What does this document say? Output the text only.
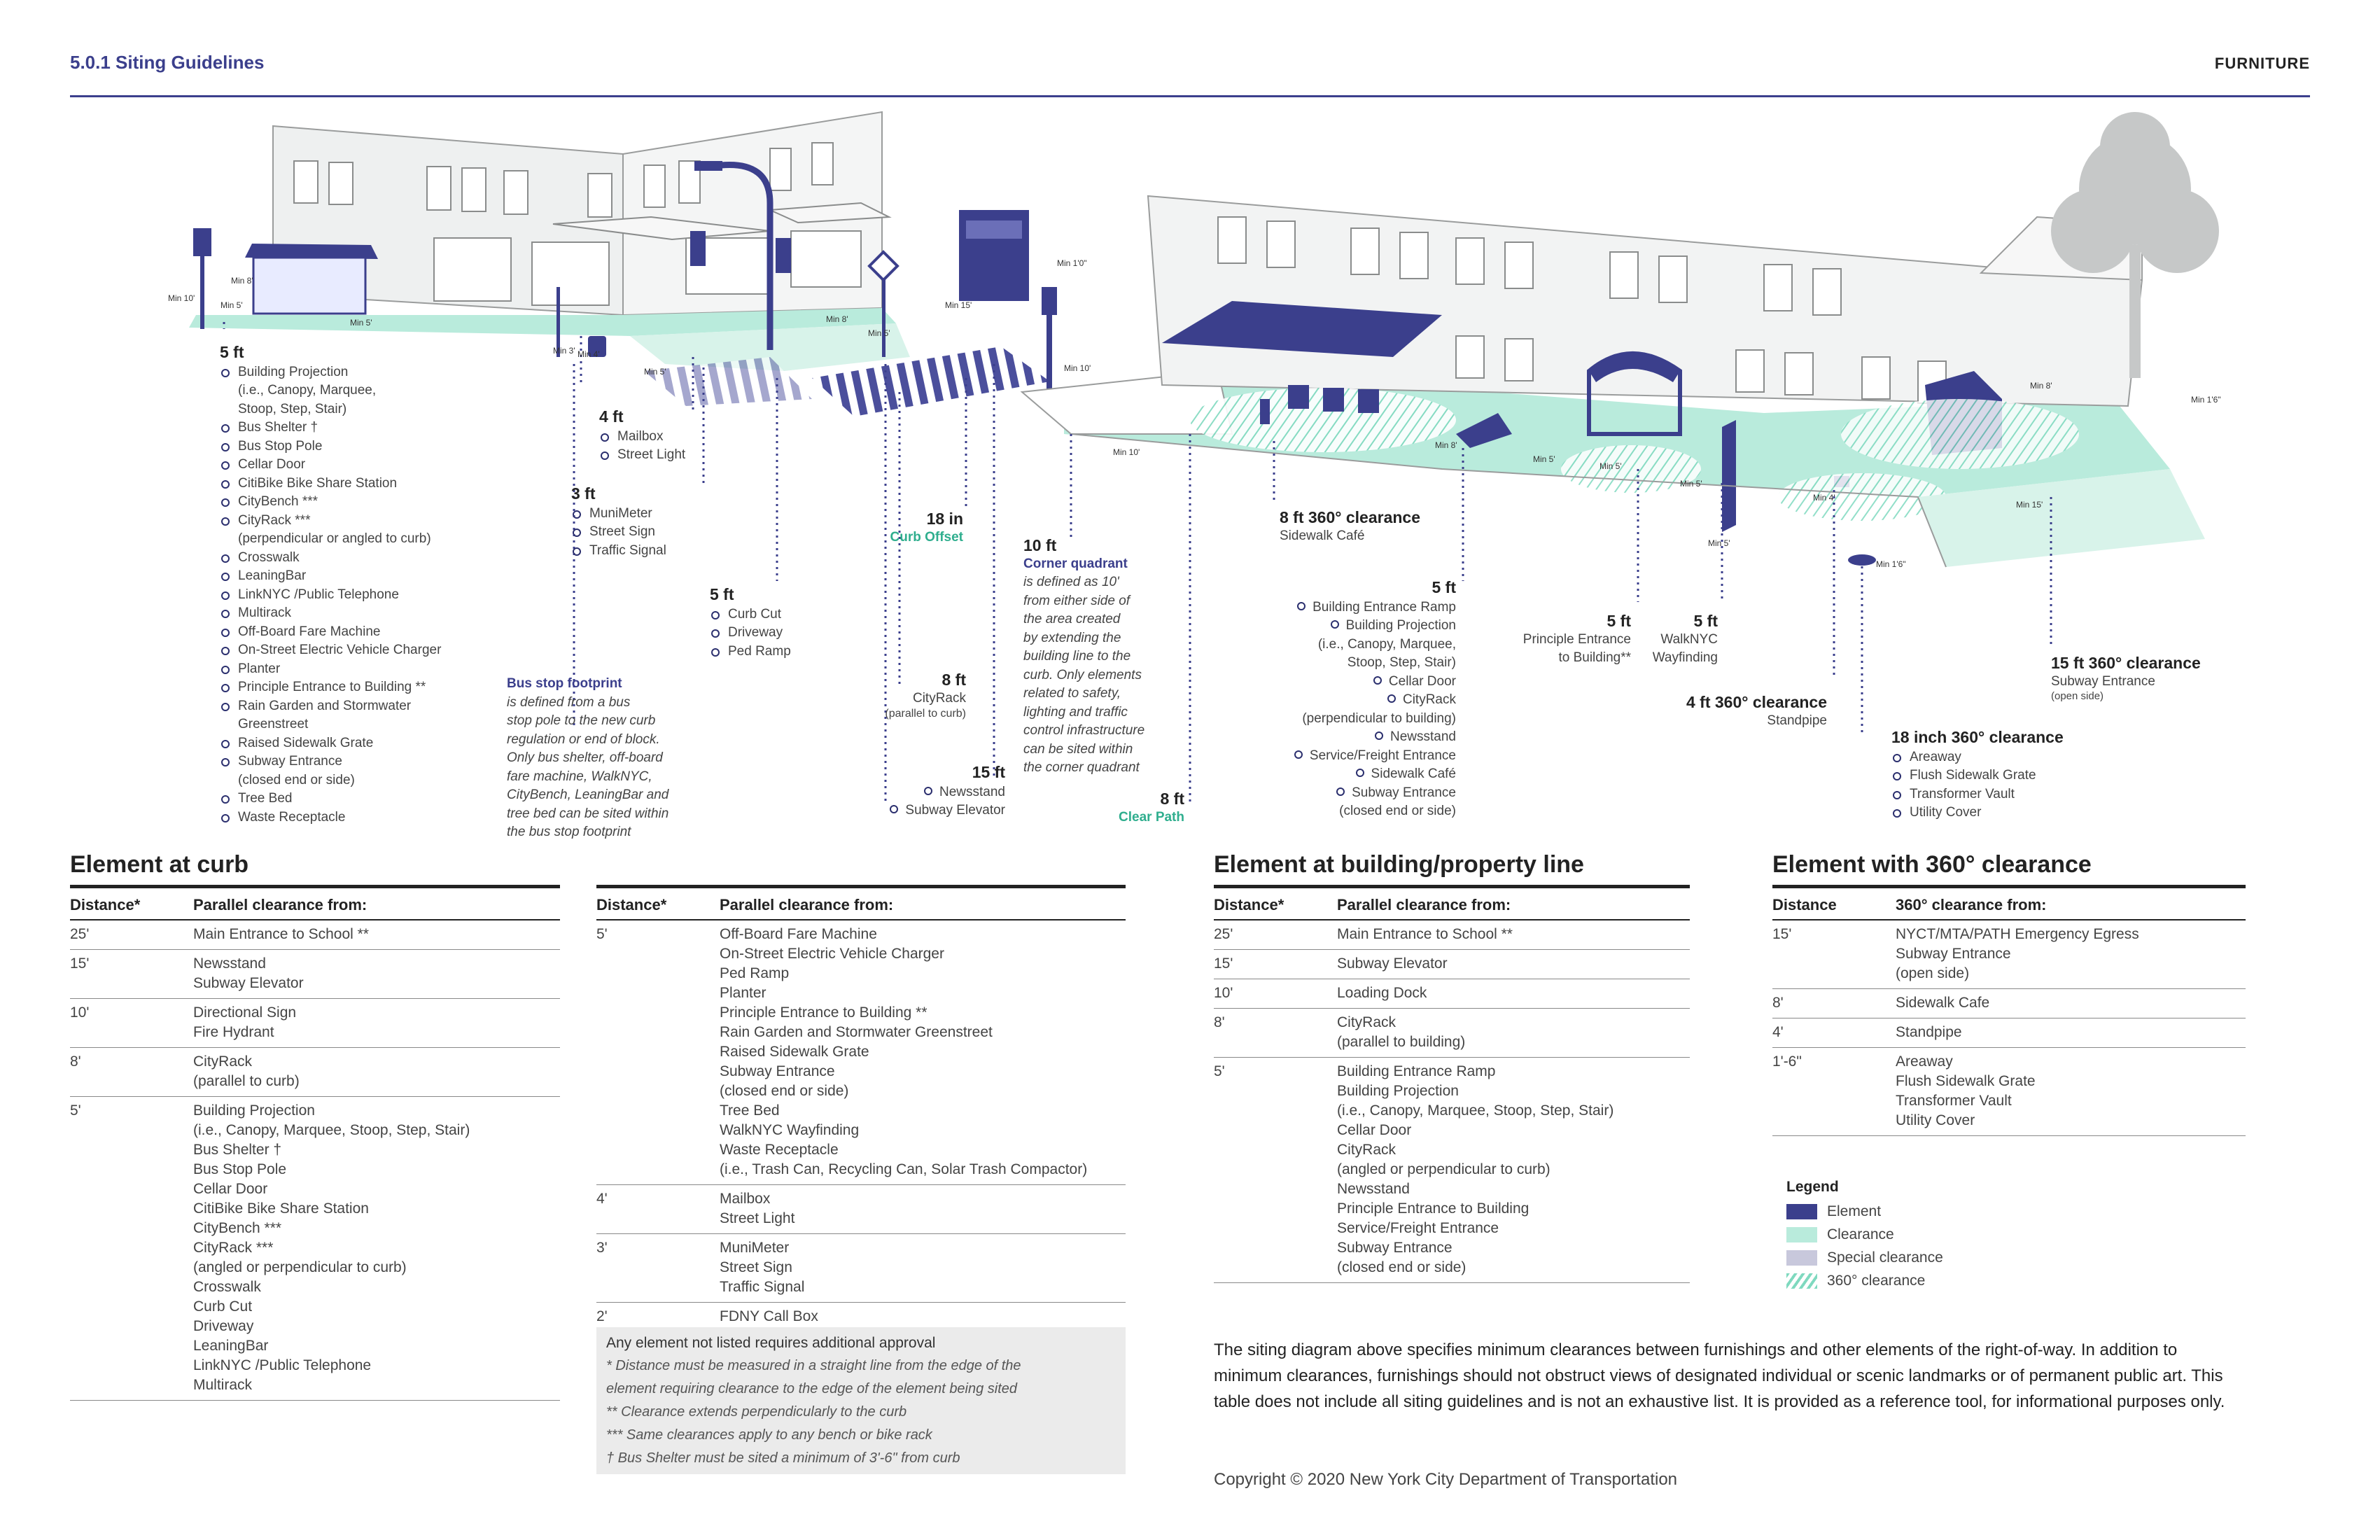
5.0.1 Siting Guidelines	FURNITURE
Min 10'
Min 8'
Min 5'
Min 5'
Min 3' Min 4'
Min 5'
Min 8'
Min 5'
Min 15'
Min 1'0"
Min 10'
Min 10'
Min 8'
Min 5'
Min 5'
Min 5'
Min 5'
Min 4'
Min 1'6"
Min 8'
Min 1'6"
Min 15'
5 ft
Building Projection
(i.e., Canopy, Marquee,
Stoop, Step, Stair)
Bus Shelter †
Bus Stop Pole
Cellar Door
CitiBike Bike Share Station
CityBench ***
CityRack ***
(perpendicular or angled to curb)
Crosswalk
LeaningBar
LinkNYC /Public Telephone
Multirack
Off-Board Fare Machine
On-Street Electric Vehicle Charger
Planter
Principle Entrance to Building **
Rain Garden and Stormwater
Greenstreet
Raised Sidewalk Grate
Subway Entrance
(closed end or side)
Tree Bed
Waste Receptacle
4 ft
Mailbox
Street Light
3 ft
MuniMeter
Street Sign
Traffic Signal
Bus stop footprint
is defined from a bus
stop pole to the new curb
regulation or end of block.
Only bus shelter, off-board
fare machine, WalkNYC,
CityBench, LeaningBar and
tree bed can be sited within
the bus stop footprint
5 ft
Curb Cut
Driveway
Ped Ramp
18 in
Curb Offset
8 ft
CityRack
(parallel to curb)
15 ft
Newsstand
Subway Elevator
10 ft
Corner quadrant
is defined as 10'
from either side of
the area created
by extending the
building line to the
curb. Only elements
related to safety,
lighting and traffic
control infrastructure
can be sited within
the corner quadrant
8 ft
Clear Path
8 ft 360° clearance
Sidewalk Café
5 ft
Building Entrance Ramp
Building Projection
(i.e., Canopy, Marquee,
Stoop, Step, Stair)
Cellar Door
CityRack
(perpendicular to building)
Newsstand
Service/Freight Entrance
Sidewalk Café
Subway Entrance
(closed end or side)
5 ft
Principle Entrance
to Building**
5 ft
WalkNYC
Wayfinding
4 ft 360° clearance
Standpipe
18 inch 360° clearance
Areaway
Flush Sidewalk Grate
Transformer Vault
Utility Cover
15 ft 360° clearance
Subway Entrance
(open side)
Element at curb
Distance*	Parallel clearance from:
25'	Main Entrance to School **
15'	Newsstand
Subway Elevator
10'	Directional Sign
Fire Hydrant
8'	CityRack
(parallel to curb)
5'	Building Projection
(i.e., Canopy, Marquee, Stoop, Step, Stair)
Bus Shelter †
Bus Stop Pole
Cellar Door
CitiBike Bike Share Station
CityBench ***
CityRack ***
(angled or perpendicular to curb)
Crosswalk
Curb Cut
Driveway
LeaningBar
LinkNYC /Public Telephone
Multirack
Distance*	Parallel clearance from:
5'	Off-Board Fare Machine
On-Street Electric Vehicle Charger
Ped Ramp
Planter
Principle Entrance to Building **
Rain Garden and Stormwater Greenstreet
Raised Sidewalk Grate
Subway Entrance
(closed end or side)
Tree Bed
WalkNYC Wayfinding
Waste Receptacle
(i.e., Trash Can, Recycling Can, Solar Trash Compactor)
4'	Mailbox
Street Light
3'	MuniMeter
Street Sign
Traffic Signal
2'	FDNY Call Box
Any element not listed requires additional approval
* Distance must be measured in a straight line from the edge of the
element requiring clearance to the edge of the element being sited
** Clearance extends perpendicularly to the curb
*** Same clearances apply to any bench or bike rack
† Bus Shelter must be sited a minimum of 3'-6" from curb
Element at building/property line
Distance*	Parallel clearance from:
25'	Main Entrance to School **
15'	Subway Elevator
10'	Loading Dock
8'	CityRack
(parallel to building)
5'	Building Entrance Ramp
Building Projection
(i.e., Canopy, Marquee, Stoop, Step, Stair)
Cellar Door
CityRack
(angled or perpendicular to curb)
Newsstand
Principle Entrance to Building
Service/Freight Entrance
Subway Entrance
(closed end or side)
Element with 360° clearance
Distance	360° clearance from:
15'	NYCT/MTA/PATH Emergency Egress
Subway Entrance
(open side)
8'	Sidewalk Cafe
4'	Standpipe
1'-6"	Areaway
Flush Sidewalk Grate
Transformer Vault
Utility Cover
Legend
Element
Clearance
Special clearance
360° clearance
The siting diagram above specifies minimum clearances between furnishings and other elements of the right-of-way. In addition to minimum clearances, furnishings should not obstruct views of designated individual or scenic landmarks or of permanent public art. This table does not include all siting guidelines and is not an exhaustive list. It is provided as a reference tool, for informational purposes only.
Copyright © 2020 New York City Department of Transportation
